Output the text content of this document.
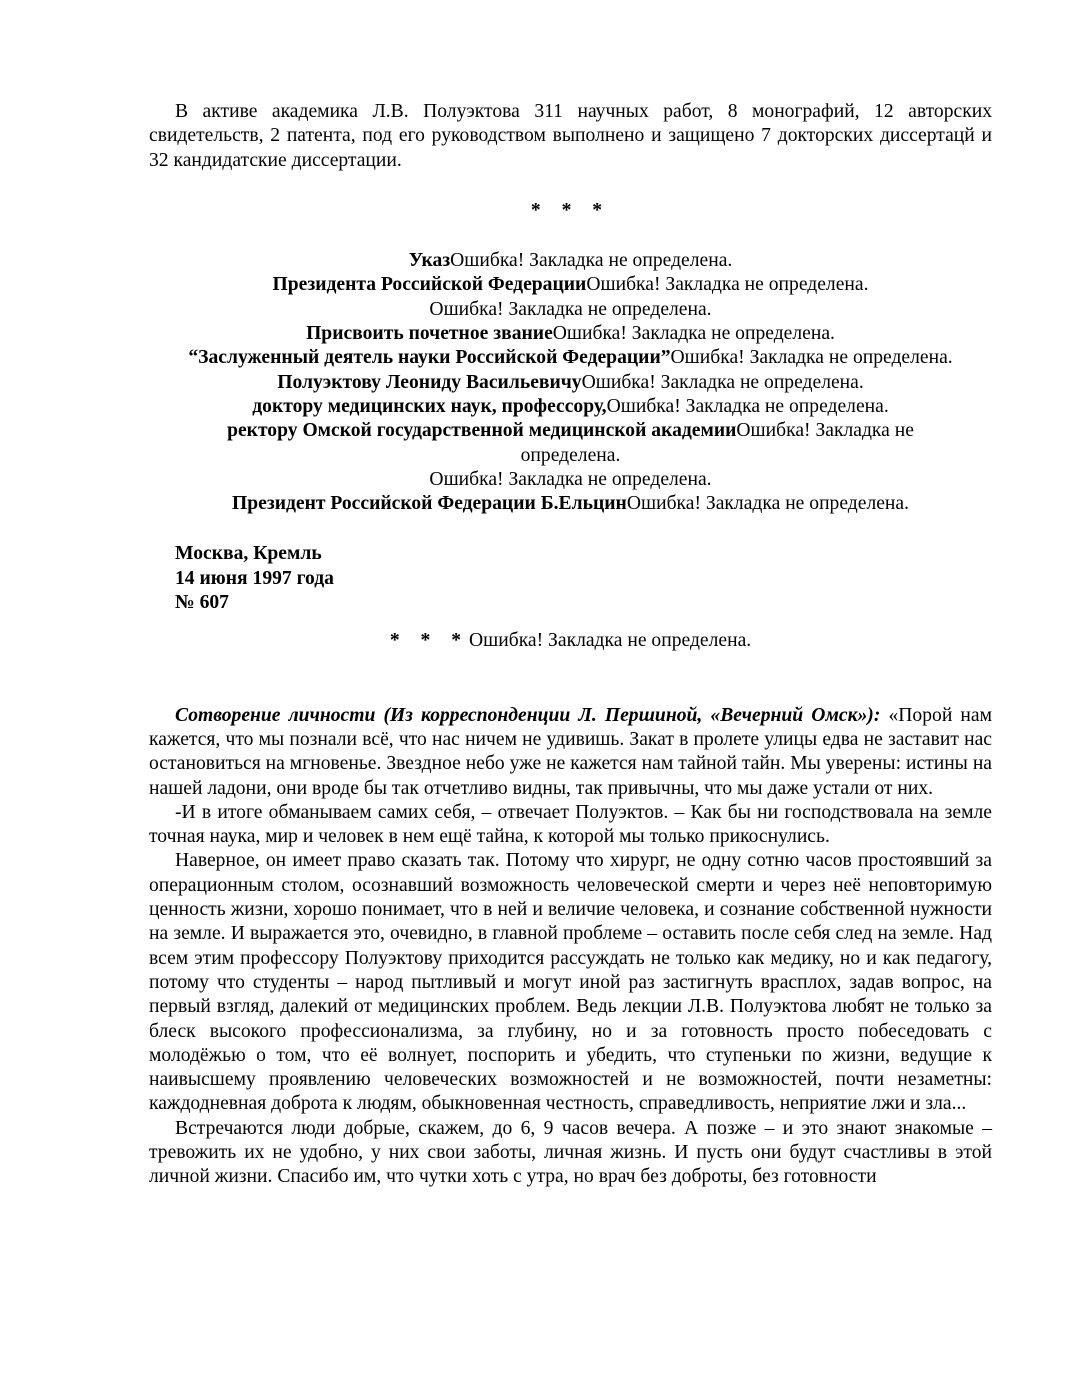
В активе академика Л.В. Полуэктова 311 научных работ, 8 монографий, 12 авторских свидетельств, 2 патента, под его руководством выполнено и защищено 7 докторских диссертацй и 32 кандидатские диссертации.

* * *

УказОшибка! Закладка не определена.

Президента Российской ФедерацииОшибка! Закладка не определена.

Ошибка! Закладка не определена.

Присвоить почетное званиеОшибка! Закладка не определена.

“Заслуженный деятель науки Российской Федерации”Ошибка! Закладка не определена.

Полуэктову Леониду ВасильевичуОшибка! Закладка не определена.

доктору медицинских наук, профессору,Ошибка! Закладка не определена.

ректору Омской государственной медицинской академииОшибка! Закладка не определена.

Ошибка! Закладка не определена.

Президент Российской Федерации Б.ЕльцинОшибка! Закладка не определена.

Москва, Кремль

14 июня 1997 года

№ 607

* * *Ошибка! Закладка не определена.

Сотворение личности (Из корреспонденции Л. Першиной, «Вечерний Омск»): «Порой нам кажется, что мы познали всё, что нас ничем не удивишь. Закат в пролете улицы едва не заставит нас остановиться на мгновенье. Звездное небо уже не кажется нам тайной тайн. Мы уверены: истины на нашей ладони, они вроде бы так отчетливо видны, так привычны, что мы даже устали от них.

-И в итоге обманываем самих себя, – отвечает Полуэктов. – Как бы ни господствовала на земле точная наука, мир и человек в нем ещё тайна, к которой мы только прикоснулись.

Наверное, он имеет право сказать так. Потому что хирург, не одну сотню часов простоявший за операционным столом, осознавший возможность человеческой смерти и через неё неповторимую ценность жизни, хорошо понимает, что в ней и величие человека, и сознание собственной нужности на земле. И выражается это, очевидно, в главной проблеме – оставить после себя след на земле. Над всем этим профессору Полуэктову приходится рассуждать не только как медику, но и как педагогу, потому что студенты – народ пытливый и могут иной раз застигнуть врасплох, задав вопрос, на первый взгляд, далекий от медицинских проблем. Ведь лекции Л.В. Полуэктова любят не только за блеск высокого профессионализма, за глубину, но и за готовность просто побеседовать с молодёжью о том, что её волнует, поспорить и убедить, что ступеньки по жизни, ведущие к наивысшему проявлению человеческих возможностей и не возможностей, почти незаметны: каждодневная доброта к людям, обыкновенная честность, справедливость, неприятие лжи и зла...

Встречаются люди добрые, скажем, до 6, 9 часов вечера. А позже – и это знают знакомые – тревожить их не удобно, у них свои заботы, личная жизнь. И пусть они будут счастливы в этой личной жизни. Спасибо им, что чутки хоть с утра, но врач без доброты, без готовности
